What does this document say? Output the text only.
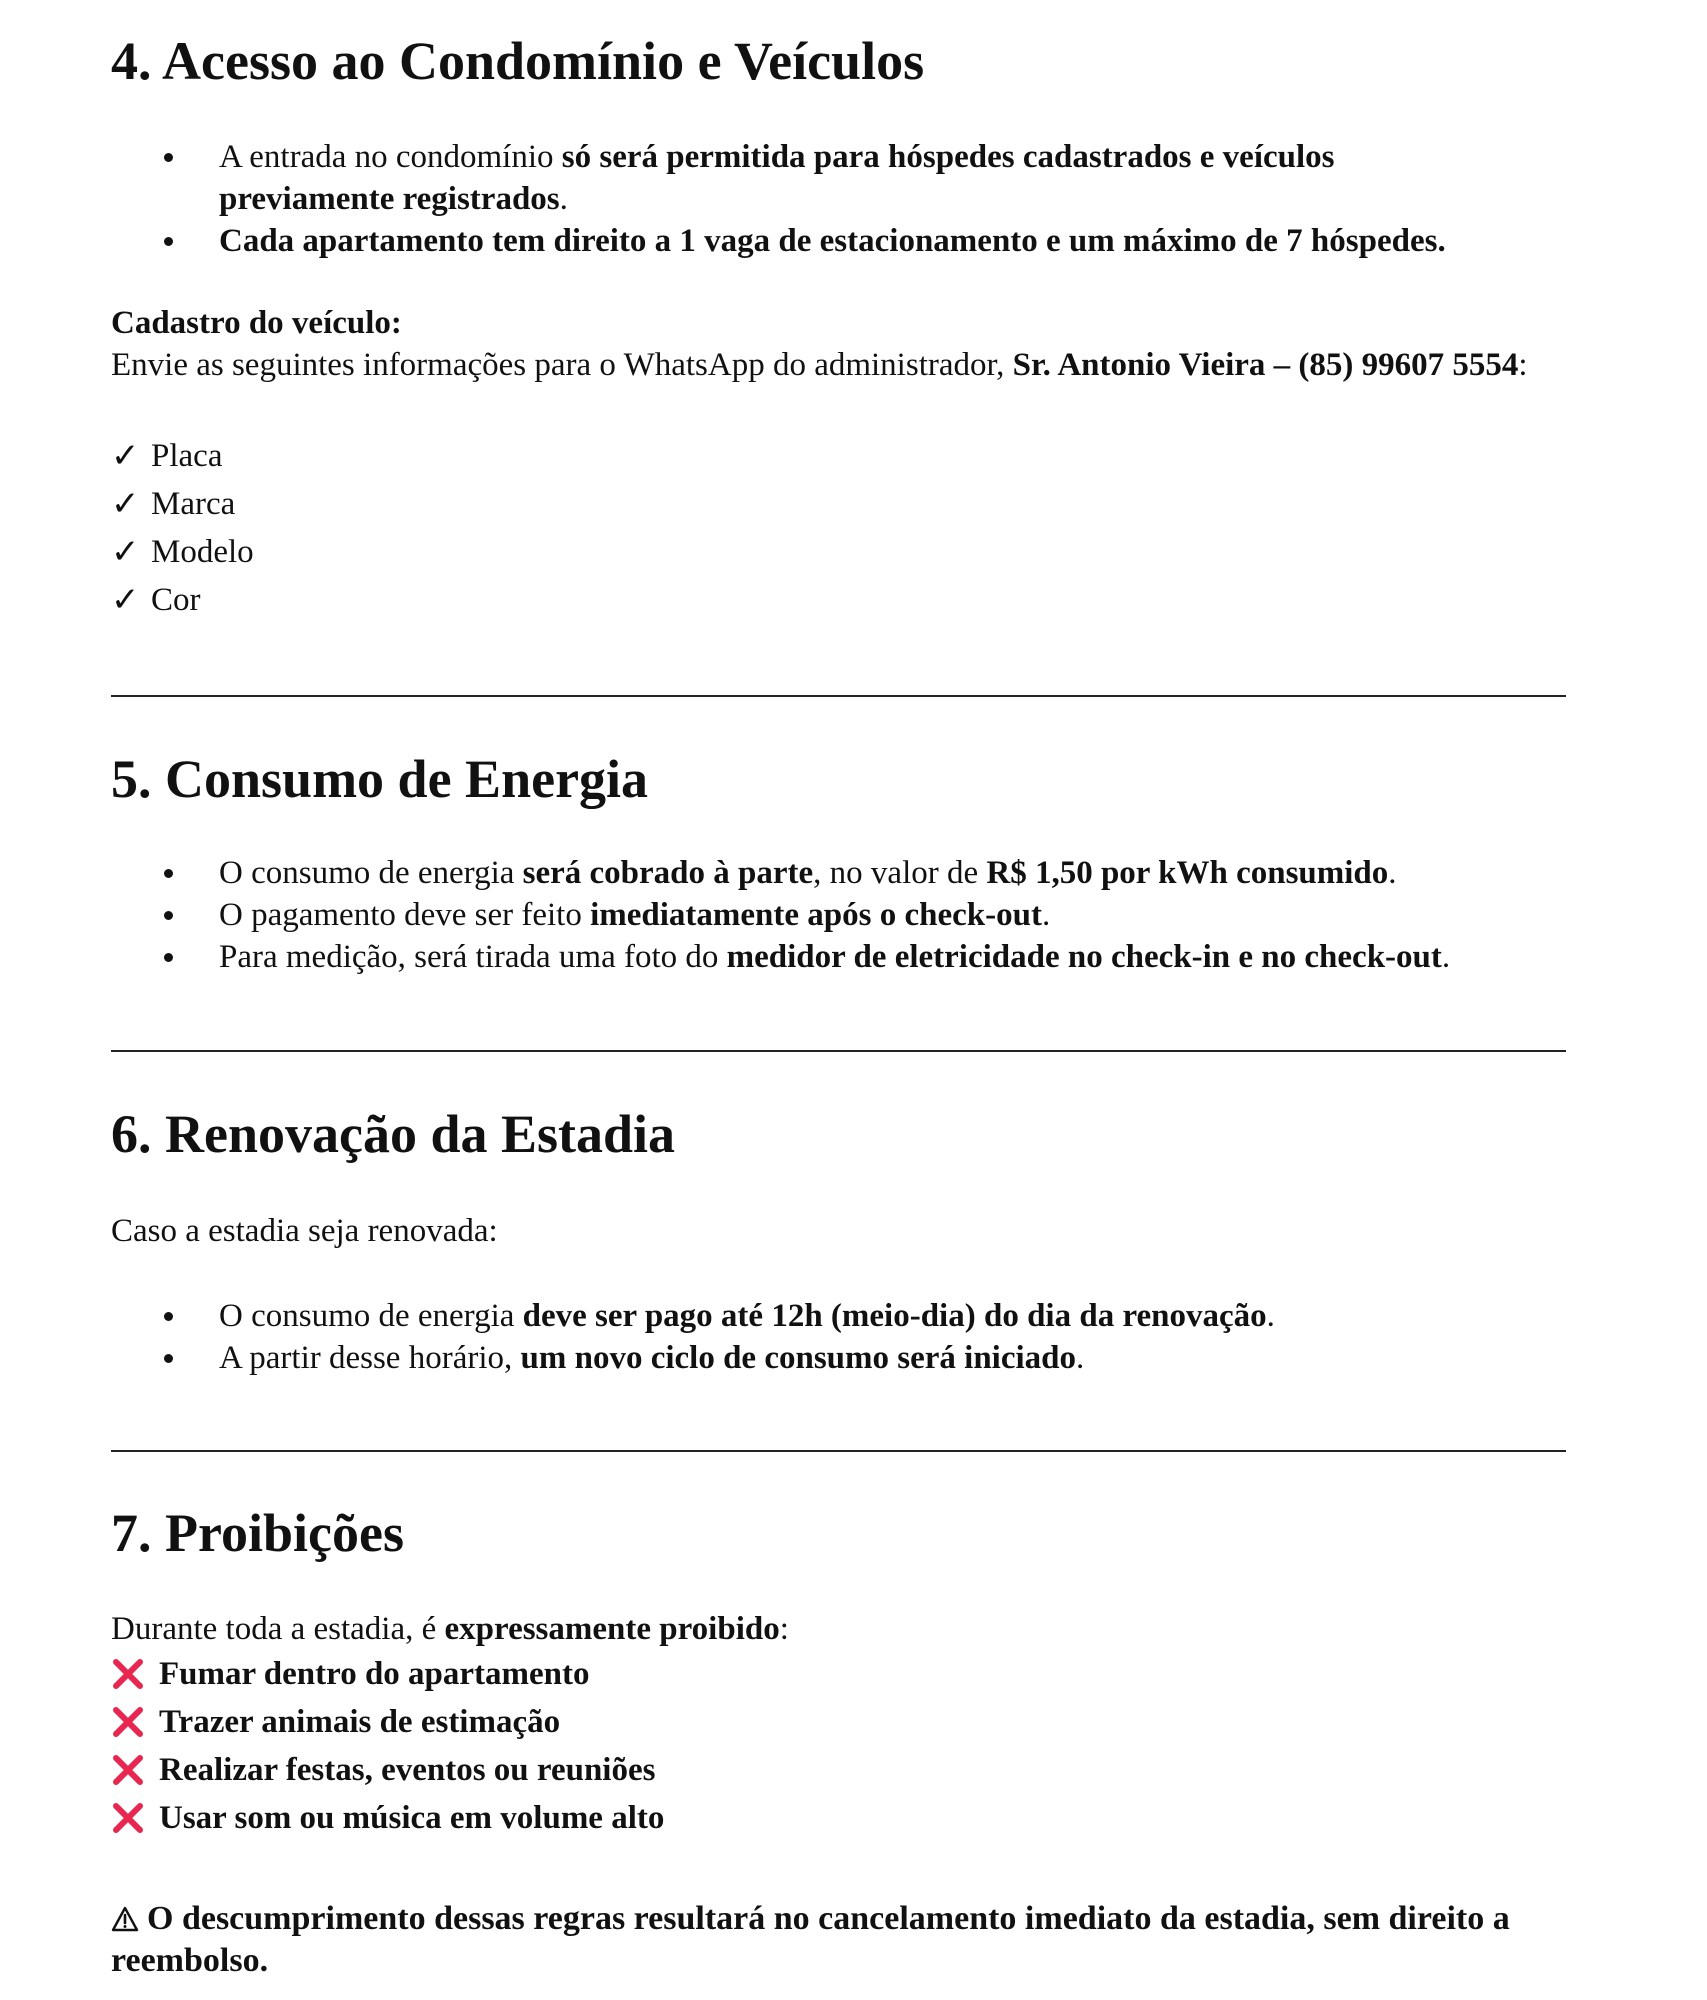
4. Acesso ao Condomínio e Veículos
A entrada no condomínio só será permitida para hóspedes cadastrados e veículos previamente registrados.
Cada apartamento tem direito a 1 vaga de estacionamento e um máximo de 7 hóspedes.
Cadastro do veículo:
Envie as seguintes informações para o WhatsApp do administrador, Sr. Antonio Vieira – (85) 99607 5554:
✓ Placa
✓ Marca
✓ Modelo
✓ Cor
5. Consumo de Energia
O consumo de energia será cobrado à parte, no valor de R$ 1,50 por kWh consumido.
O pagamento deve ser feito imediatamente após o check-out.
Para medição, será tirada uma foto do medidor de eletricidade no check-in e no check-out.
6. Renovação da Estadia
Caso a estadia seja renovada:
O consumo de energia deve ser pago até 12h (meio-dia) do dia da renovação.
A partir desse horário, um novo ciclo de consumo será iniciado.
7. Proibições
Durante toda a estadia, é expressamente proibido:
Fumar dentro do apartamento
Trazer animais de estimação
Realizar festas, eventos ou reuniões
Usar som ou música em volume alto
O descumprimento dessas regras resultará no cancelamento imediato da estadia, sem direito a reembolso.
